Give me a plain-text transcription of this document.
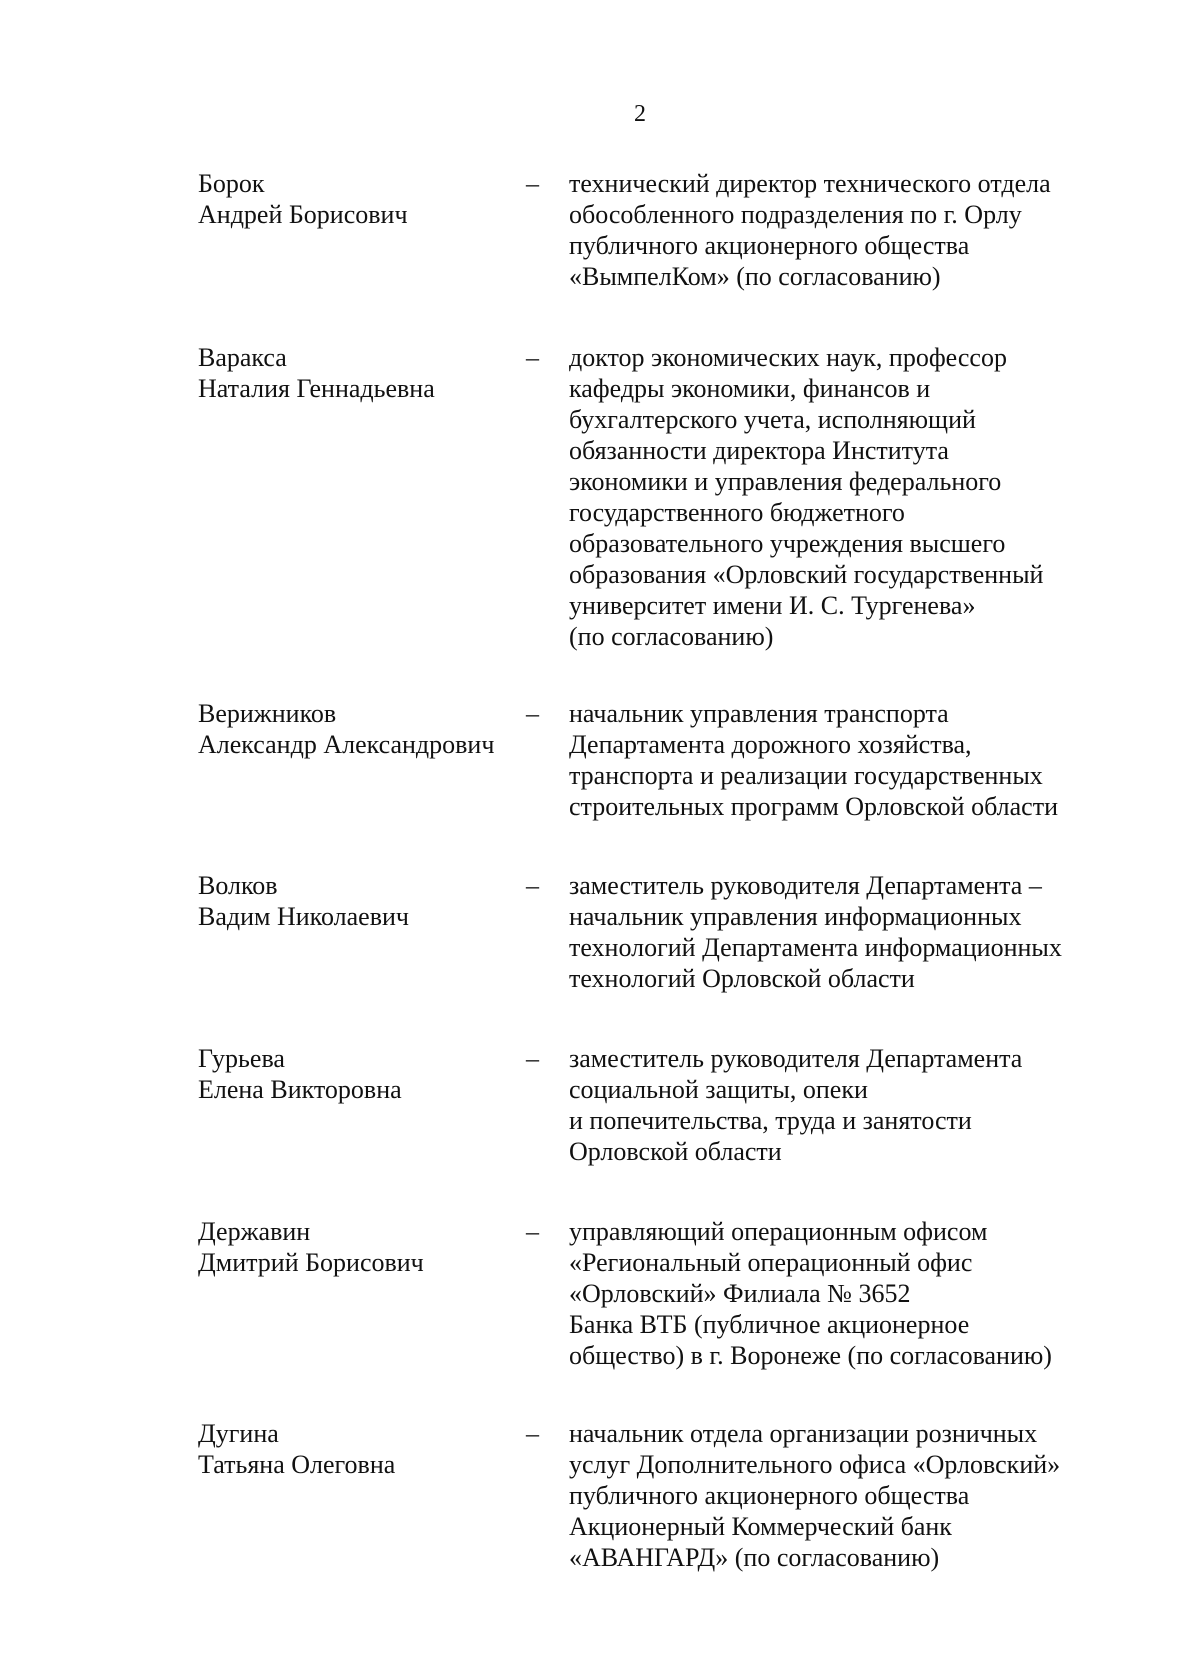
2
Борок
Андрей Борисович
– технический директор технического отдела
обособленного подразделения по г. Орлу
публичного акционерного общества
«ВымпелКом» (по согласованию)
Варакса
Наталия Геннадьевна
– доктор экономических наук, профессор
кафедры экономики, финансов и
бухгалтерского учета, исполняющий
обязанности директора Института
экономики и управления федерального
государственного бюджетного
образовательного учреждения высшего
образования «Орловский государственный
университет имени И. С. Тургенева»
(по согласованию)
Верижников
Александр Александрович
– начальник управления транспорта
Департамента дорожного хозяйства,
транспорта и реализации государственных
строительных программ Орловской области
Волков
Вадим Николаевич
– заместитель руководителя Департамента –
начальник управления информационных
технологий Департамента информационных
технологий Орловской области
Гурьева
Елена Викторовна
– заместитель руководителя Департамента
социальной защиты, опеки
и попечительства, труда и занятости
Орловской области
Державин
Дмитрий Борисович
– управляющий операционным офисом
«Региональный операционный офис
«Орловский» Филиала № 3652
Банка ВТБ (публичное акционерное
общество) в г. Воронеже (по согласованию)
Дугина
Татьяна Олеговна
– начальник отдела организации розничных
услуг Дополнительного офиса «Орловский»
публичного акционерного общества
Акционерный Коммерческий банк
«АВАНГАРД» (по согласованию)
